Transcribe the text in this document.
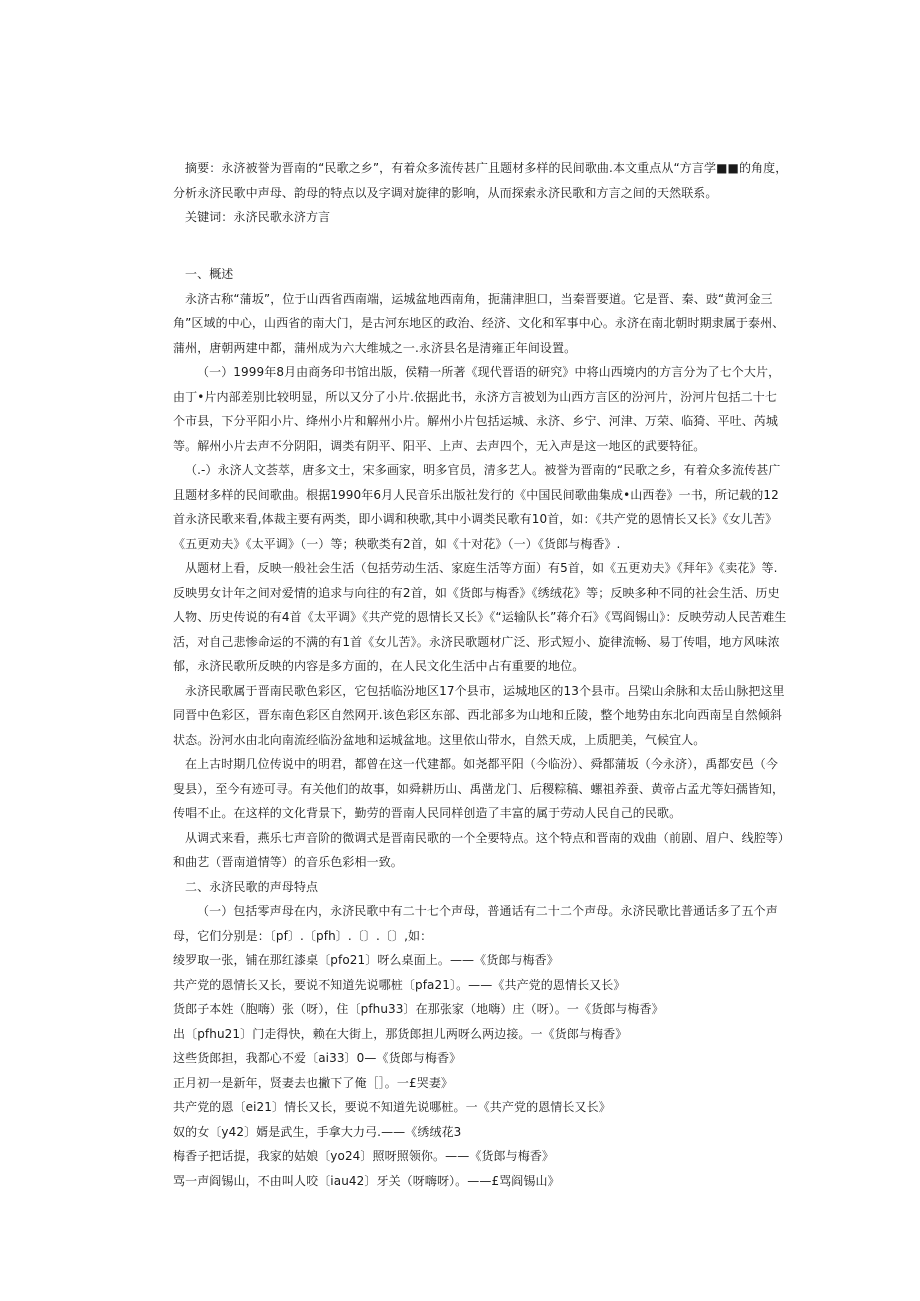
摘要：永济被誉为晋南的“民歌之乡”，有着众多流传甚广且题材多样的民间歌曲.本文重点从“方言学■■的角度，分析永济民歌中声母、韵母的特点以及字调对旋律的影响，从而探索永济民歌和方言之间的天然联系。

关键词：永济民歌永济方言

一、概述

永济古称“蒲坂”，位于山西省西南端，运城盆地西南角，扼蒲津胆口，当秦晋要道。它是晋、秦、豉“黄河金三角”区域的中心，山西省的南大门，是古河东地区的政治、经济、文化和军事中心。永济在南北朝时期隶属于泰州、蒲州，唐朝两建中都，蒲州成为六大维城之一.永济县名是清雍正年间设置。

（一）1999年8月由商务印书馆出版，侯精一所著《现代晋语的研究》中将山西境内的方言分为了七个大片，由丁•片内部差别比较明显，所以又分了小片.依据此书，永济方言被划为山西方言区的汾河片，汾河片包括二十七个市县，下分平阳小片、绛州小片和解州小片。解州小片包括运城、永济、乡宁、河津、万荣、临猗、平吐、芮城等。解州小片去声不分阴阳，调类有阴平、阳平、上声、去声四个，无入声是这一地区的武要特征。

（.-）永济人文荟萃，唐多文士，宋多画家，明多官员，清多艺人。被誉为晋南的“民歌之乡，有着众多流传甚广且题材多样的民间歌曲。根据1990年6月人民音乐出版社发行的《中国民间歌曲集成•山西卷》一书，所记载的12首永济民歌来看,体裁主要有两类，即小调和秧歌,其中小调类民歌有10首，如：《共产党的恩情长又长》《女儿苦》《五更劝夫》《太平调》（一）等；秧歌类有2首，如《十对花》（一）《货郎与梅香》.

从题材上看，反映一般社会生活（包括劳动生活、家庭生活等方面）有5首，如《五更劝夫》《拜年》《卖花》等.反映男女计年之间对爱情的追求与向往的有2首，如《货郎与梅香》《绣绒花》等；反映多种不同的社会生活、历史人物、历史传说的有4首《太平调》《共产党的恩情长又长》《“运输队长”蒋介石》《骂阎锡山》：反映劳动人民苦难生活，对自己悲惨命运的不满的有1首《女儿苦》。永济民歌题材广泛、形式短小、旋律流畅、易丁传唱，地方风味浓郁，永济民歌所反映的内容是多方面的，在人民文化生活中占有重要的地位。

永济民歌属于晋南民歌色彩区，它包括临汾地区17个县市，运城地区的13个县市。吕梁山余脉和太岳山脉把这里同晋中色彩区，晋东南色彩区自然网开.该色彩区东部、西北部多为山地和丘陵，整个地势由东北向西南呈自然倾斜状态。汾河水由北向南流经临汾盆地和运城盆地。这里依山带水，自然天成，上质肥美，气候宜人。

在上古时期几位传说中的明君，都曾在这一代建都。如尧都平阳（今临汾）、舜都蒲坂（今永济），禹都安邑（今叟县），至今有迹可寻。有关他们的故事，如舜耕历山、禹凿龙门、后稷粽稿、螺祖养蚕、黄帝占孟尤等妇孺皆知，传唱不止。在这样的文化背景下，勤劳的晋南人民同样创造了丰富的属于劳动人民自己的民歌。

从调式来看，燕乐七声音阶的微调式是晋南民歌的一个全要特点。这个特点和晋南的戏曲（前剧、眉户、线腔等）和曲艺（晋南道情等）的音乐色彩相一致。

二、永济民歌的声母特点

（一）包括零声母在内，永济民歌中有二十七个声母，普通话有二十二个声母。永济民歌比普通话多了五个声母，它们分别是：〔pf〕.〔pfh〕.〔〕.〔〕,如：

绫罗取一张，铺在那红漆桌〔pfo21〕呀么桌面上。——《货郎与梅香》

共产党的恩情长又长，要说不知道先说哪桩〔pfa21〕。——《共产党的恩情长又长》

货郎子本姓（胞嗨）张（呀），住〔pfhu33〕在那张家（地嗨）庄（呀）。一《货郎与梅香》

出〔pfhu21〕门走得快，赖在大街上，那货郎担儿两呀么两边接。一《货郎与梅香》

这些货郎担，我都心不爱〔ai33〕0—《货郎与梅香》

正月初一是新年，贤妻去也撇下了俺［］。一£哭妻》

共产党的恩〔ei21〕情长又长，要说不知道先说哪桩。一《共产党的恩情长又长》

奴的女〔y42〕婿是武生，手拿大力弓.——《绣绒花3

梅香子把话提，我家的姑娘〔yo24〕照呀照领你。——《货郎与梅香》

骂一声阎锡山，不由叫人咬〔iau42〕牙关（呀嗨呀）。——£骂阎锡山》
